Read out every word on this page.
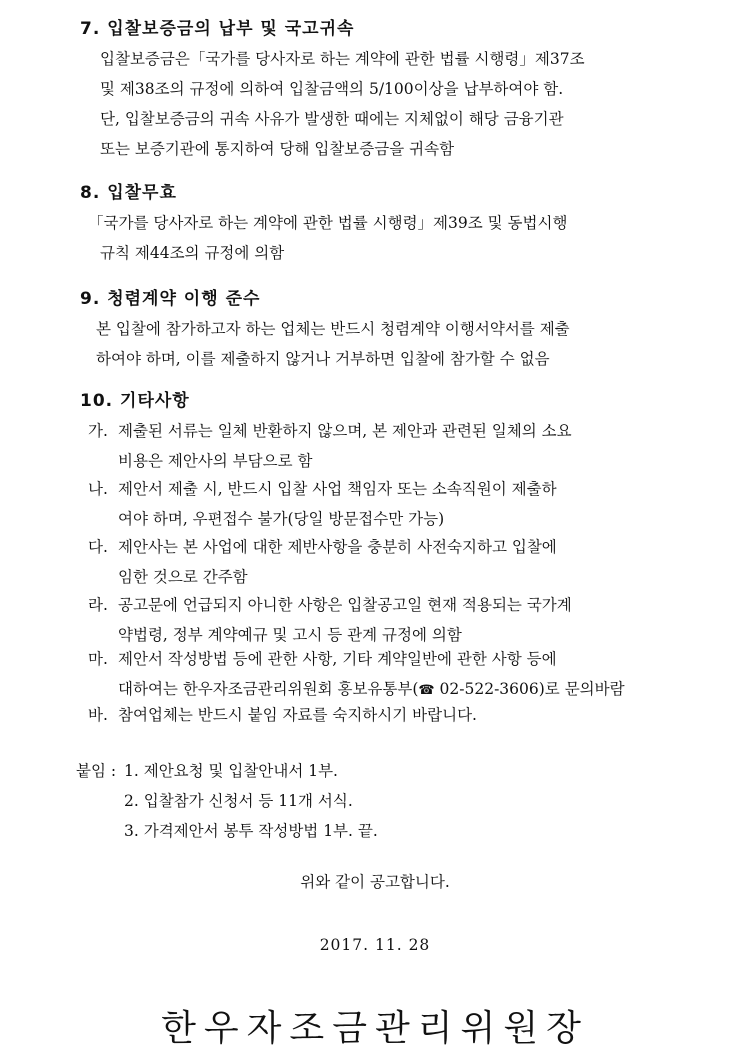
7. 입찰보증금의 납부 및 국고귀속
입찰보증금은「국가를 당사자로 하는 계약에 관한 법률 시행령」제37조
및 제38조의 규정에 의하여 입찰금액의 5/100이상을 납부하여야 함.
단, 입찰보증금의 귀속 사유가 발생한 때에는 지체없이 해당 금융기관
또는 보증기관에 통지하여 당해 입찰보증금을 귀속함
8. 입찰무효
「국가를 당사자로 하는 계약에 관한 법률 시행령」제39조 및 동법시행
규칙 제44조의 규정에 의함
9. 청렴계약 이행 준수
본 입찰에 참가하고자 하는 업체는 반드시 청렴계약 이행서약서를 제출
하여야 하며, 이를 제출하지 않거나 거부하면 입찰에 참가할 수 없음
10. 기타사항
가. 제출된 서류는 일체 반환하지 않으며, 본 제안과 관련된 일체의 소요
비용은 제안사의 부담으로 함
나. 제안서 제출 시, 반드시 입찰 사업 책임자 또는 소속직원이 제출하
여야 하며, 우편접수 불가(당일 방문접수만 가능)
다. 제안사는 본 사업에 대한 제반사항을 충분히 사전숙지하고 입찰에
임한 것으로 간주함
라. 공고문에 언급되지 아니한 사항은 입찰공고일 현재 적용되는 국가계
약법령, 정부 계약예규 및 고시 등 관계 규정에 의함
마. 제안서 작성방법 등에 관한 사항, 기타 계약일반에 관한 사항 등에
대하여는 한우자조금관리위원회 홍보유통부(☎ 02-522-3606)로 문의바람
바. 참여업체는 반드시 붙임 자료를 숙지하시기 바랍니다.
붙임 : 1. 제안요청 및 입찰안내서 1부.
2. 입찰참가 신청서 등 11개 서식.
3. 가격제안서 봉투 작성방법 1부. 끝.
위와 같이 공고합니다.
2017. 11. 28
한우자조금관리위원장
